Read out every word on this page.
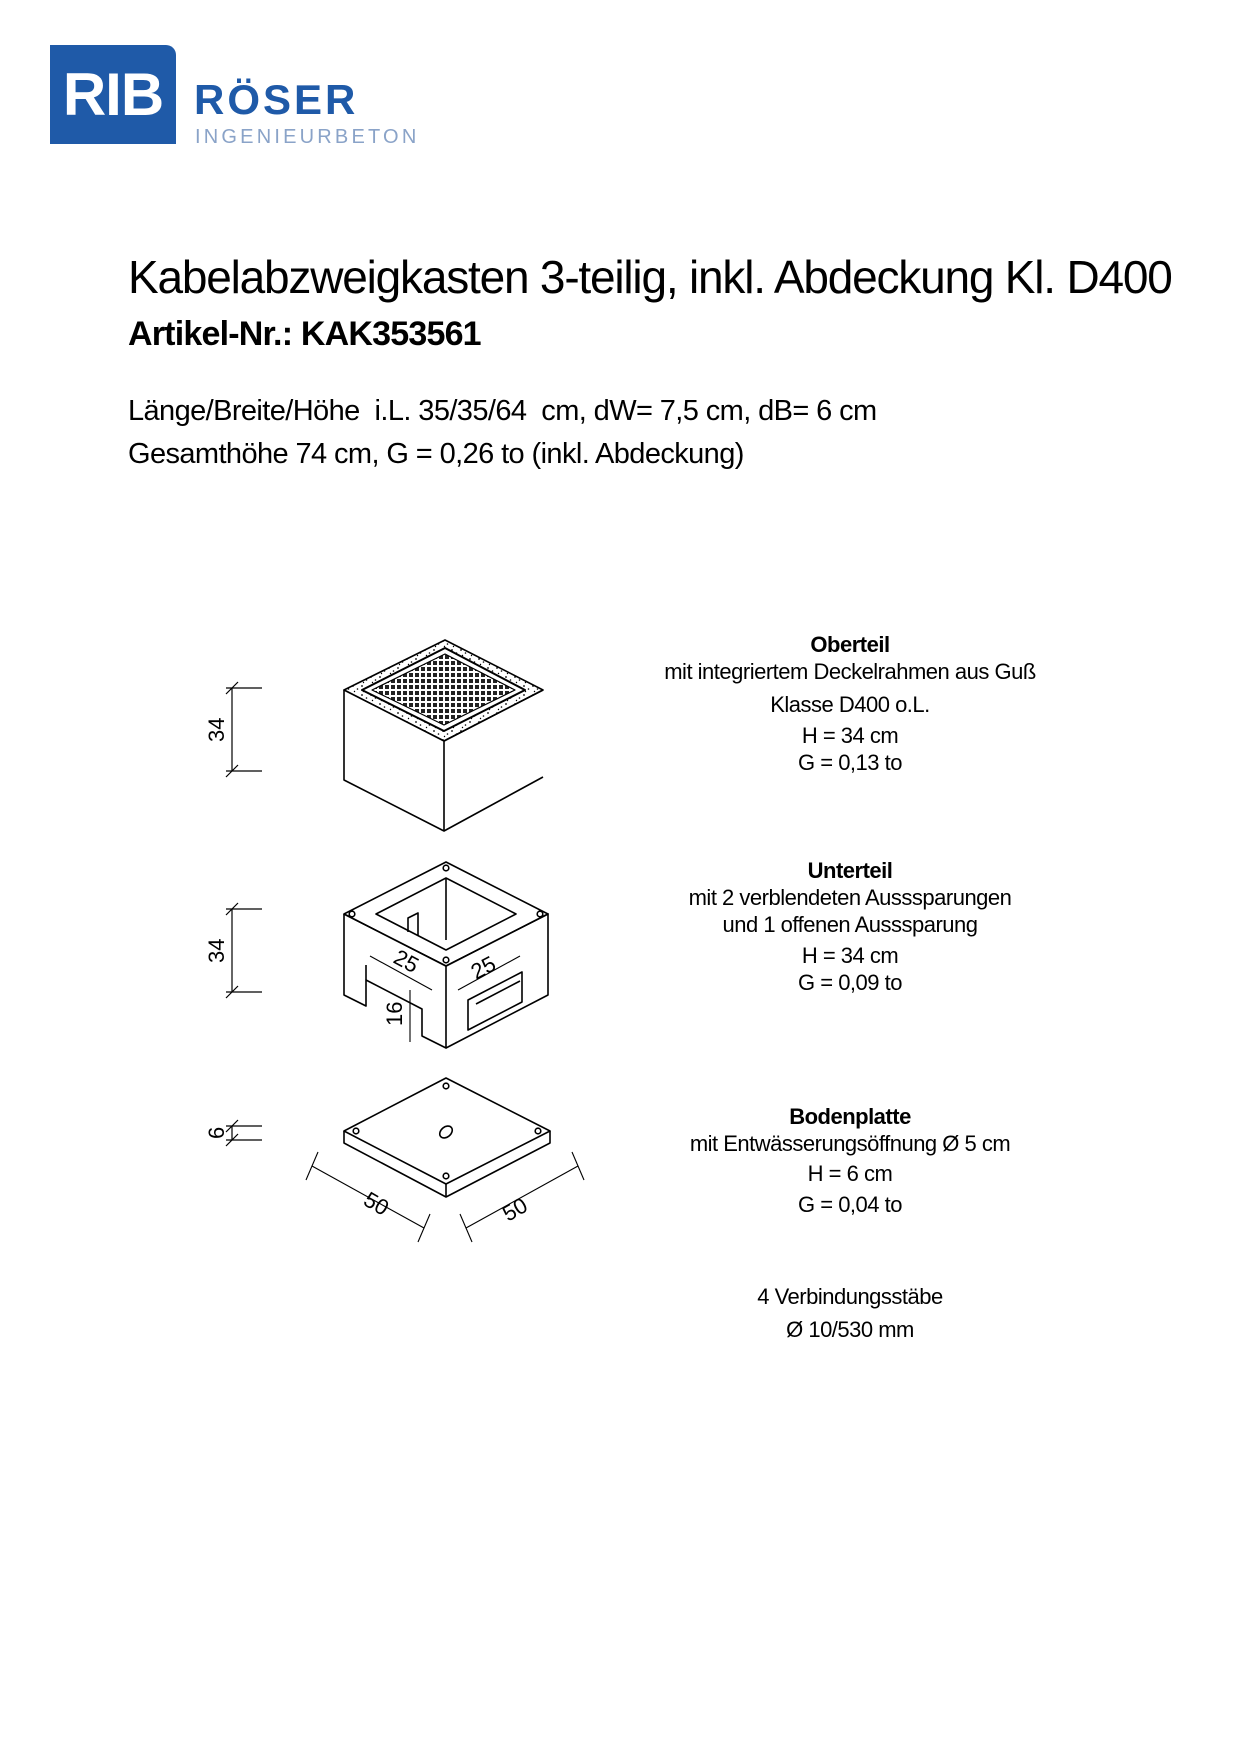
RIB RÖSER
INGENIEURBETON
Kabelabzweigkasten 3-teilig, inkl. Abdeckung Kl. D400
Artikel-Nr.: KAK353561
Länge/Breite/Höhe  i.L. 35/35/64  cm, dW= 7,5 cm, dB= 6 cm
Gesamthöhe 74 cm, G = 0,26 to (inkl. Abdeckung)
34
34
6
25 25
16
50	50
Oberteil
mit integriertem Deckelrahmen aus Guß
Klasse D400 o.L.
H = 34 cm
G = 0,13 to
Unterteil
mit 2 verblendeten Ausssparungen
und 1 offenen Ausssparung
H = 34 cm
G = 0,09 to
Bodenplatte
mit Entwässerungsöffnung Ø 5 cm
H = 6 cm
G = 0,04 to
4 Verbindungsstäbe
Ø 10/530 mm
